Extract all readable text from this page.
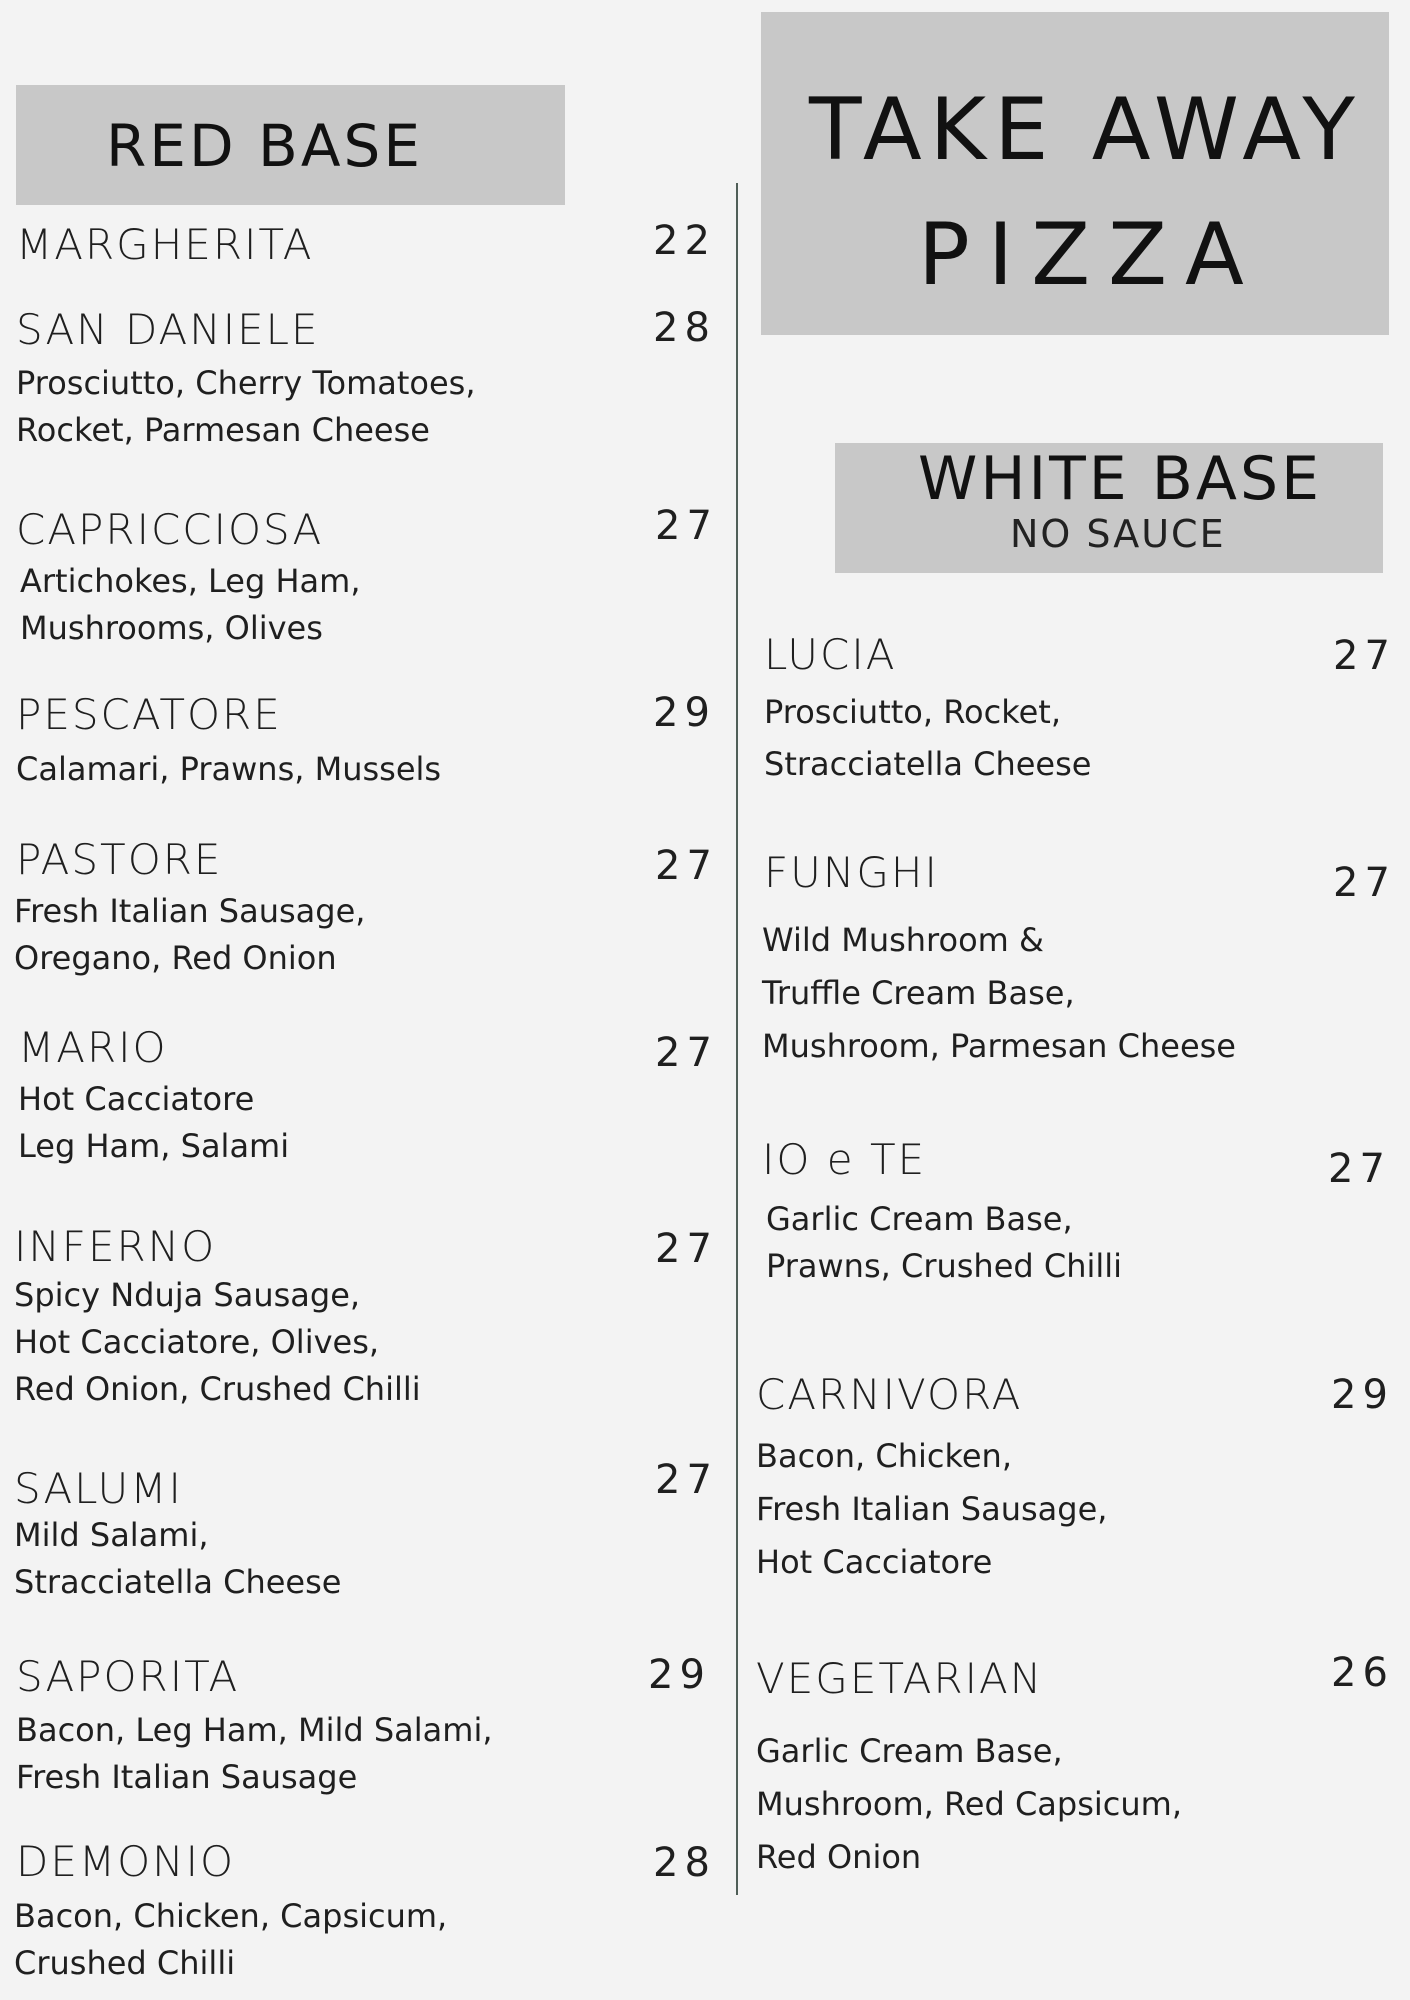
RED BASE	TAKE AWAY
PIZZA
WHITE BASE
NO SAUCE
MARGHERITA	22
SAN DANIELE	28
Prosciutto, Cherry Tomatoes,
Rocket, Parmesan Cheese
CAPRICCIOSA	27
Artichokes, Leg Ham,
Mushrooms, Olives
PESCATORE	29
Calamari, Prawns, Mussels
PASTORE	27
Fresh Italian Sausage,
Oregano, Red Onion
MARIO	27
Hot Cacciatore
Leg Ham, Salami
INFERNO	27
Spicy Nduja Sausage,
Hot Cacciatore, Olives,
Red Onion, Crushed Chilli
SALUMI	27
Mild Salami,
Stracciatella Cheese
SAPORITA	29
Bacon, Leg Ham, Mild Salami,
Fresh Italian Sausage
DEMONIO	28
Bacon, Chicken, Capsicum,
Crushed Chilli
LUCIA	27
Prosciutto, Rocket,
Stracciatella Cheese
FUNGHI	27
Wild Mushroom &
Truffle Cream Base,
Mushroom, Parmesan Cheese
IO e TE	27
Garlic Cream Base,
Prawns, Crushed Chilli
CARNIVORA	29
Bacon, Chicken,
Fresh Italian Sausage,
Hot Cacciatore
VEGETARIAN	26
Garlic Cream Base,
Mushroom, Red Capsicum,
Red Onion
